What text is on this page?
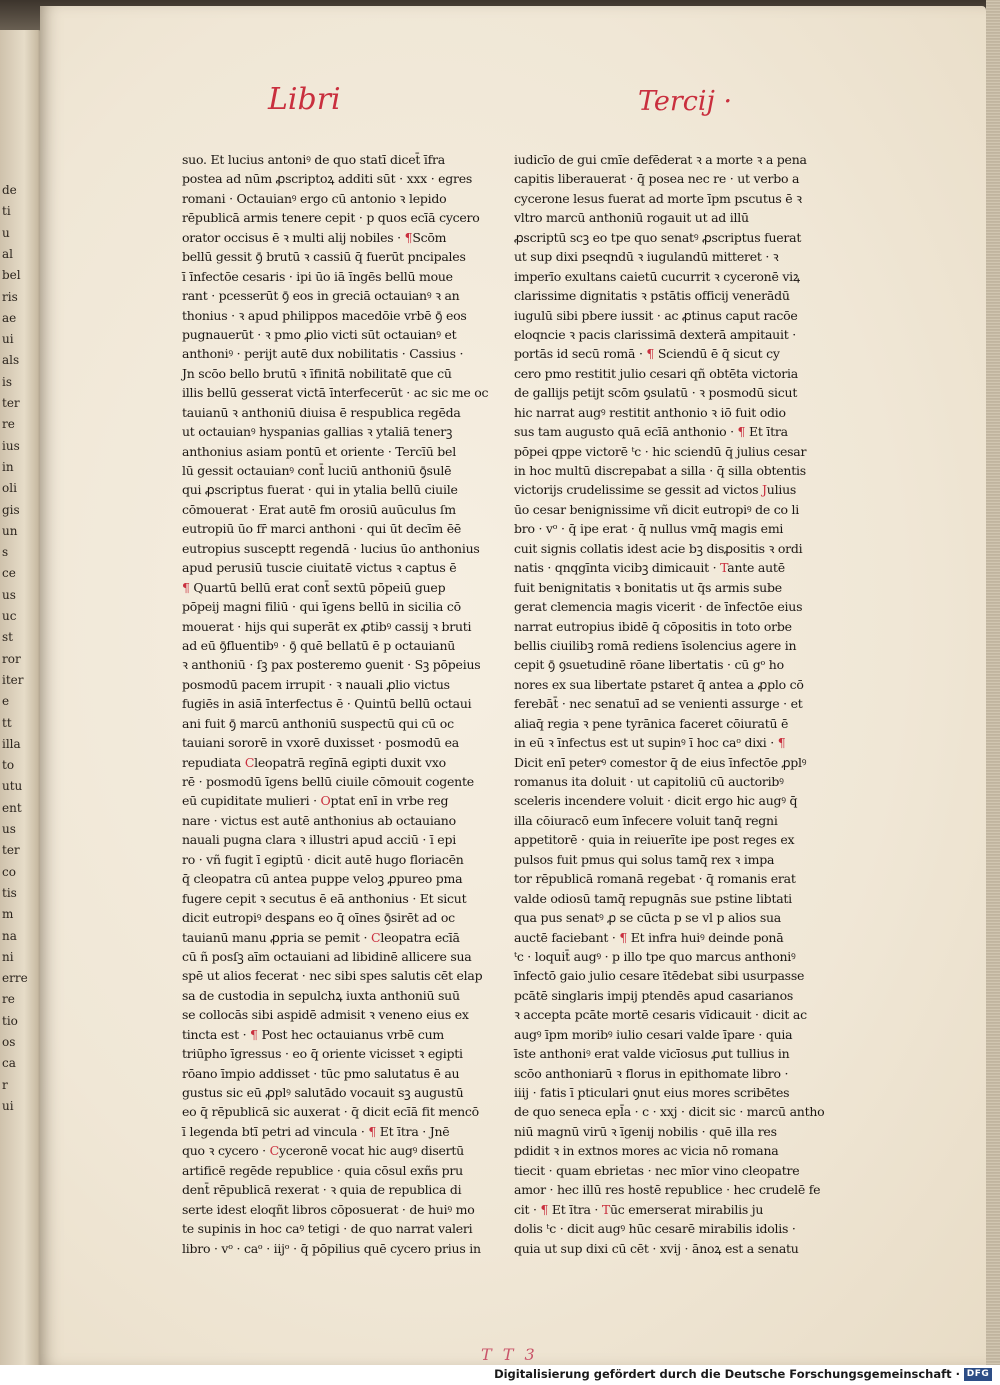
de
ti
u
al
bel
ris
ae
ui
als
is
ter
re
ius
in
oli
gis
un
s
ce
us
uc
st
ror
iter
e
tt
illa
to
utu
ent
us
ter
co
tis
m
na
ni
erre
re
tio
os
ca
r
ui
Libri	Tercij ·
suo. Et lucius antoniꝰ de quo statī dicet̄ īfra
postea ad nūm ꝓscriptoꝝ additi sūt · xxx · egres
romani · Octauianꝰ ergo cū antonio ꝛ lepido
rēpublicā armis tenere cepit · p quos ecīā cycero
orator occisus ē ꝛ multi alij nobiles · ¶Scōm
bellū gessit ꝯ̄ brutū ꝛ cassiū q̄ fuerūt pncipales
ī īnfectōe cesaris · ipi ūo iā īngēs bellū moue
rant · pcesserūt ꝯ̄ eos in greciā octauianꝰ ꝛ an
thonius · ꝛ apud philippos macedōie vrbē ꝯ̄ eos
pugnauerūt · ꝛ pmo ꝓlio victi sūt octauianꝰ et
anthoniꝰ · perijt autē dux nobilitatis · Cassius ·
Jn scōo bello brutū ꝛ īfinitā nobilitatē que cū
illis bellū gesserat victā īnterfecerūt · ac sic me oc
tauianū ꝛ anthoniū diuisa ē respublica regēda
ut octauianꝰ hyspanias gallias ꝛ ytaliā tenerꝫ
anthonius asiam pontū et oriente · Tercīū bel
lū gessit octauianꝰ cont̄ luciū anthoniū ꝯ̄sulē
qui ꝓscriptus fuerat · qui in ytalia bellū ciuile
cōmouerat · Erat autē fm orosiū auūculus ſm
eutropiū ūo fr̄ marci anthoni · qui ūt decīm ēē
eutropius susceptt regendā · lucius ūo anthonius
apud perusiū tuscie ciuitatē victus ꝛ captus ē
¶ Quartū bellū erat cont̄ sextū pōpeiū guep
pōpeij magni filiū · qui īgens bellū in sicilia cō
mouerat · hijs qui superāt ex ꝓtibꝰ cassij ꝛ bruti
ad eū ꝯ̄fluentibꝰ · ꝯ̄ quē bellatū ē p octauianū
ꝛ anthoniū · ſꝫ pax posteremo ꝯuenit · Sꝫ pōpeius
posmodū pacem irrupit · ꝛ nauali ꝓlio victus
fugiēs in asiā īnterfectus ē · Quintū bellū octaui
ani fuit ꝯ̄ marcū anthoniū suspectū qui cū oc
tauiani sororē in vxorē duxisset · posmodū ea
repudiata Cleopatrā regīnā egipti duxit vxo
rē · posmodū īgens bellū ciuile cōmouit cogente
eū cupiditate mulieri · Optat enī in vrbe reg
nare · victus est autē anthonius ab octauiano
nauali pugna clara ꝛ illustri apud acciū · ī epi
ro · vñ fugit ī egiptū · dicit autē hugo floriacēn
q̄ cleopatra cū antea puppe veloꝫ ꝓpureo pma
fugere cepit ꝛ secutus ē eā anthonius · Et sicut
dicit eutropiꝰ desꝑans eo q̄ oīnes ꝯ̄sirēt ad oc
tauianū manu ꝓpria se pemit · Cleopatra ecīā
cū ñ posſꝫ aīm octauiani ad libidinē allicere sua
spē ut alios fecerat · nec sibi spes salutis cēt elap
sa de custodia in sepulchꝝ iuxta anthoniū suū
se collocās sibi aspidē admisit ꝛ veneno eius ex
tincta est · ¶ Post hec octauianus vrbē cum
triūpho īgressus · eo q̄ oriente vicisset ꝛ egipti
rōano īmpio addisset · tūc pmo salutatus ē au
gustus sic eū ꝓplꝰ salutādo vocauit sꝫ augustū
eo q̄ rēpublicā sic auxerat · q̄ dicit ecīā fit mencō
ī legenda btī petri ad vincula · ¶ Et ītra · Jnē
quo ꝛ cycero · Cyceronē vocat hic augꝰ disertū
artificē regēde republice · quia cōsul exñs pru
dent̄ rēpublicā rexerat · ꝛ quia de republica di
serte idest eloqñt libros cōposuerat · de huiꝰ mo
te supinis in hoc caꝰ tetigi · de quo narrat valeri
libro · vᵒ · caᵒ · iijᵒ · q̄ pōpilius quē cycero prius in
iudicīo de gui cmīe defēderat ꝛ a morte ꝛ a pena
capitis liberauerat · q̄ posea nec re · ut verbo a
cycerone lesus fuerat ad morte īpm pscutus ē ꝛ
vltro marcū anthoniū rogauit ut ad illū
ꝓscriptū scꝫ eo tpe quo senatꝰ ꝓscriptus fuerat
ut sup dixi pseqndū ꝛ iugulandū mitteret · ꝛ
imperīo exultans caietū cucurrit ꝛ cyceronē viꝝ
clarissime dignitatis ꝛ pstātis officij venerādū
iugulū sibi pbere iussit · ac ꝓtinus caput racōe
eloqncie ꝛ pacis clarissimā dexterā ampitauit ·
portās id secū romā · ¶ Sciendū ē q̄ sicut cy
cero pmo restitit julio cesari qñ obtēta victoria
de gallijs petijt scōm ꝯsulatū · ꝛ posmodū sicut
hic narrat augꝰ restitit anthonio ꝛ iō fuit odio
sus tam augusto quā ecīā anthonio · ¶ Et ītra
pōpei qppe victorē ᵗc · hic sciendū q̄ julius cesar
in hoc multū discrepabat a silla · q̄ silla obtentis
victorijs crudelissime se gessit ad victos Julius
ūo cesar benignissime vñ dicit eutropiꝰ de co li
bro · vᵒ · q̄ ipe erat · q̄ nullus vmq̄ magis emi
cuit signis collatis idest acie bꝫ disꝓositis ꝛ ordi
natis · qnqgīnta vicibꝫ dimicauit · Tante autē
fuit benignitatis ꝛ bonitatis ut q̄s armis sube
gerat clemencia magis vicerit · de īnfectōe eius
narrat eutropius ibidē q̄ cōpositis in toto orbe
bellis ciuilibꝫ romā rediens īsolencius agere in
cepit ꝯ̄ ꝯsuetudinē rōane libertatis · cū gᵒ ho
nores ex sua libertate pstaret q̄ antea a ꝓplo cō
ferebāt̄ · nec senatuī ad se venienti assurge · et
aliaq̄ regia ꝛ pene tyrānica faceret cōiuratū ē
in eū ꝛ īnfectus est ut supinꝰ ī hoc caᵒ dixi · ¶
Dicit enī peterꝰ comestor q̄ de eius īnfectōe ꝓplꝰ
romanus ita doluit · ut capitoliū cū auctoribꝰ
sceleris incendere voluit · dicit ergo hic augꝰ q̄
illa cōiuracō eum īnfecere voluit tanq̄ regni
appetitorē · quia in reiuerīte ipe post reges ex
pulsos fuit pmus qui solus tamq̄ rex ꝛ impa
tor rēpublicā romanā regebat · q̄ romanis erat
valde odiosū tamq̄ repugnās sue pstine libtati
qua pus senatꝰ ꝓ se cūcta p se vl p alios sua
auctē faciebant · ¶ Et infra huiꝰ deinde ponā
ᵗc · loquit̄ augꝰ · p illo tpe quo marcus anthoniꝰ
īnfectō gaio julio cesare ītēdebat sibi usurpasse
pcātē singlaris impij ptendēs apud casarianos
ꝛ accepta pcāte mortē cesaris vīdicauit · dicit ac
augꝰ īpm moribꝰ iulio cesari valde īpare · quia
īste anthoniꝰ erat valde vicīosus ꝓut tullius in
scōo anthoniarū ꝛ florus in epithomate libro ·
iiij · fatis ī pticulari ꝯnut eius mores scribētes
de quo seneca epl̄a · c · xxj · dicit sic · marcū antho
niū magnū virū ꝛ īgenij nobilis · quē illa res
pdidit ꝛ in extnos mores ac vicia nō romana
tiecit · quam ebrietas · nec mīor vino cleopatre
amor · hec illū res hostē republice · hec crudelē fe
cit · ¶ Et ītra · Tūc emerserat mirabilis ju
dolis ᵗc · dicit augꝰ hūc cesarē mirabilis idolis ·
quia ut sup dixi cū cēt · xvij · ānoꝝ est a senatu
T T 3
Digitalisierung gefördert durch die Deutsche Forschungsgemeinschaft · DFG
